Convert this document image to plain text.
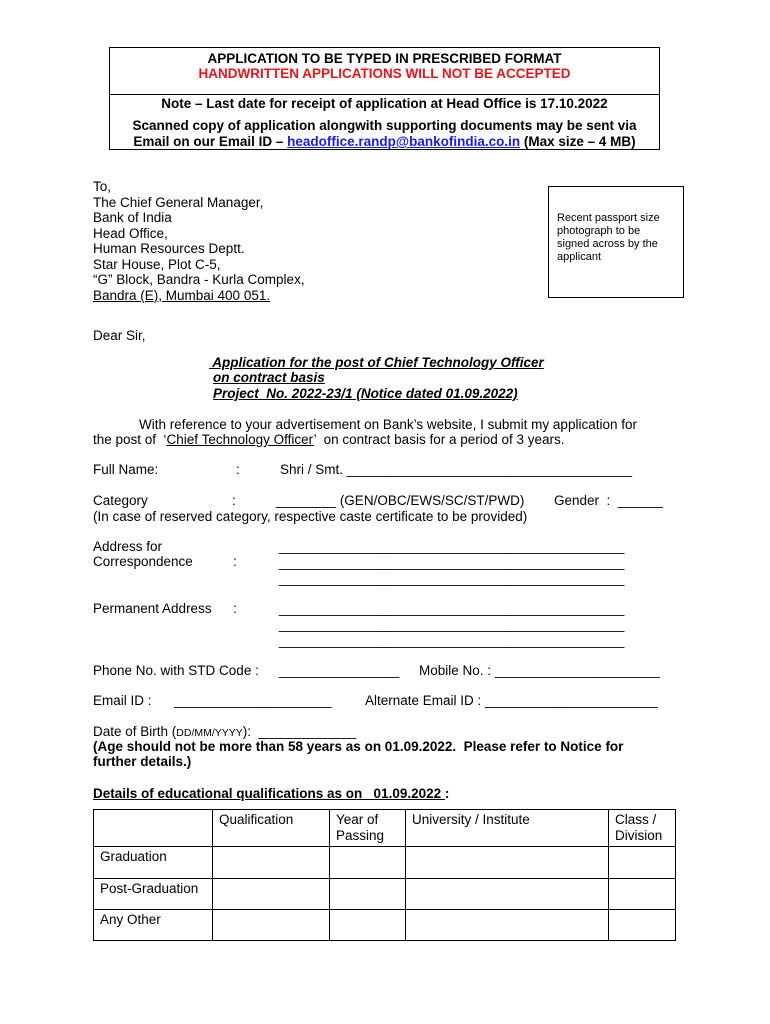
APPLICATION TO BE TYPED IN PRESCRIBED FORMAT
HANDWRITTEN APPLICATIONS WILL NOT BE ACCEPTED
Note – Last date for receipt of application at Head Office is 17.10.2022
Scanned copy of application alongwith supporting documents may be sent via
Email on our Email ID – headoffice.randp@bankofindia.co.in (Max size – 4 MB)
To,
The Chief General Manager,
Bank of India
Head Office,
Human Resources Deptt.
Star House, Plot C-5,
“G” Block, Bandra - Kurla Complex,
Bandra (E), Mumbai 400 051.
Recent passport size photograph to be signed across by the applicant
Dear Sir,
Application for the post of Chief Technology Officer
on contract basis
Project  No. 2022-23/1 (Notice dated 01.09.2022)
With reference to your advertisement on Bank’s website, I submit my application for
the post of  ‘Chief Technology Officer’  on contract basis for a period of 3 years.
Full Name:	:	Shri / Smt. ______________________________________
Category	:	________ (GEN/OBC/EWS/SC/ST/PWD) Gender  :  ______
(In case of reserved category, respective caste certificate to be provided)
Address for
Correspondence	:
______________________________________________
______________________________________________
______________________________________________
Permanent Address :	______________________________________________
______________________________________________
______________________________________________
Phone No. with STD Code : ________________ Mobile No. : ______________________
Email ID : _____________________ Alternate Email ID : _______________________
Date of Birth (DD/MM/YYYY):  _____________
(Age should not be more than 58 years as on 01.09.2022.  Please refer to Notice for
further details.)
Details of educational qualifications as on   01.09.2022 :
	Qualification	Year of Passing	University / Institute	Class / Division
Graduation				
Post-Graduation				
Any Other				
